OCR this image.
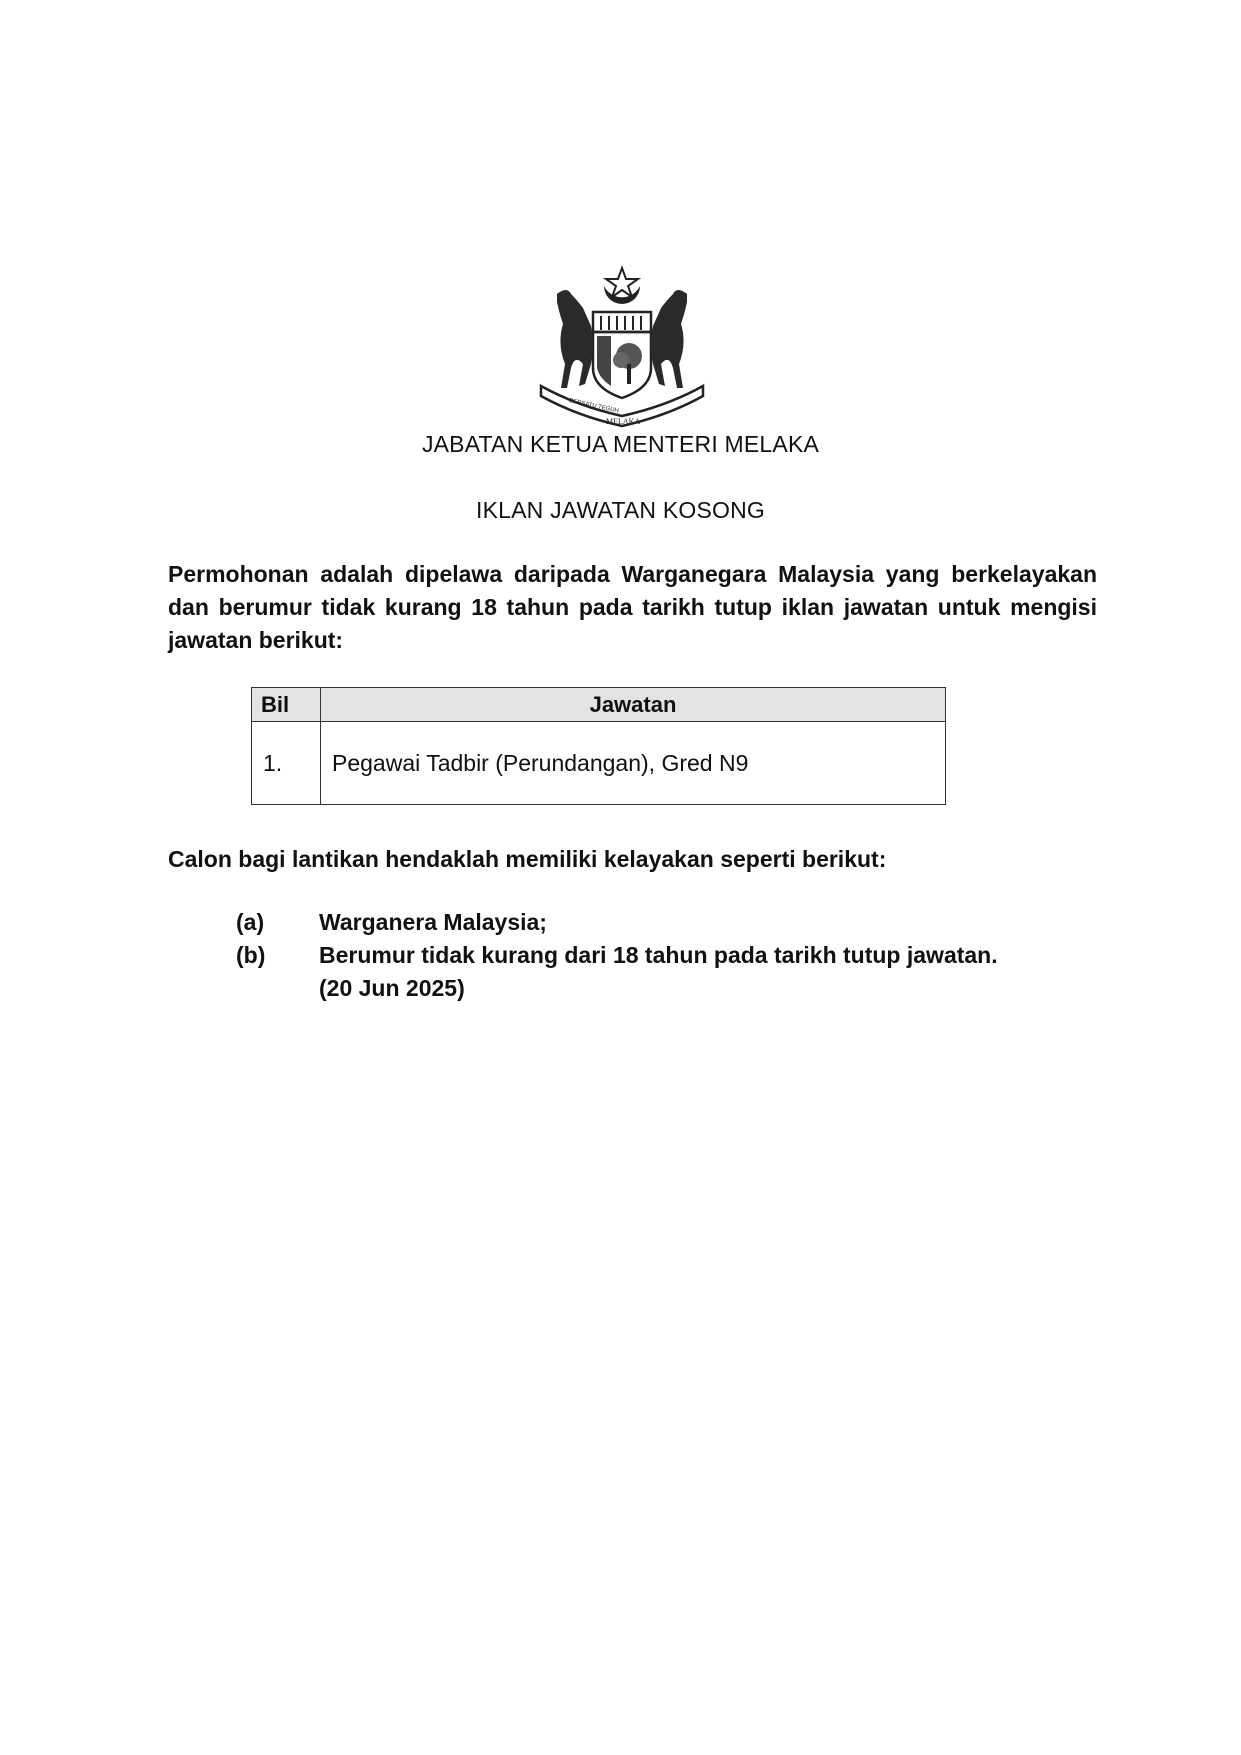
BERSATU TEGUH
MELAKA
JABATAN KETUA MENTERI MELAKA
IKLAN JAWATAN KOSONG

Permohonan adalah dipelawa daripada Warganegara Malaysia yang berkelayakan dan berumur tidak kurang 18 tahun pada tarikh tutup iklan jawatan untuk mengisi jawatan berikut:

Bil	Jawatan
1.	Pegawai Tadbir (Perundangan), Gred N9

Calon bagi lantikan hendaklah memiliki kelayakan seperti berikut:

(a)	Warganera Malaysia;
(b)	Berumur tidak kurang dari 18 tahun pada tarikh tutup jawatan.
(20 Jun 2025)
